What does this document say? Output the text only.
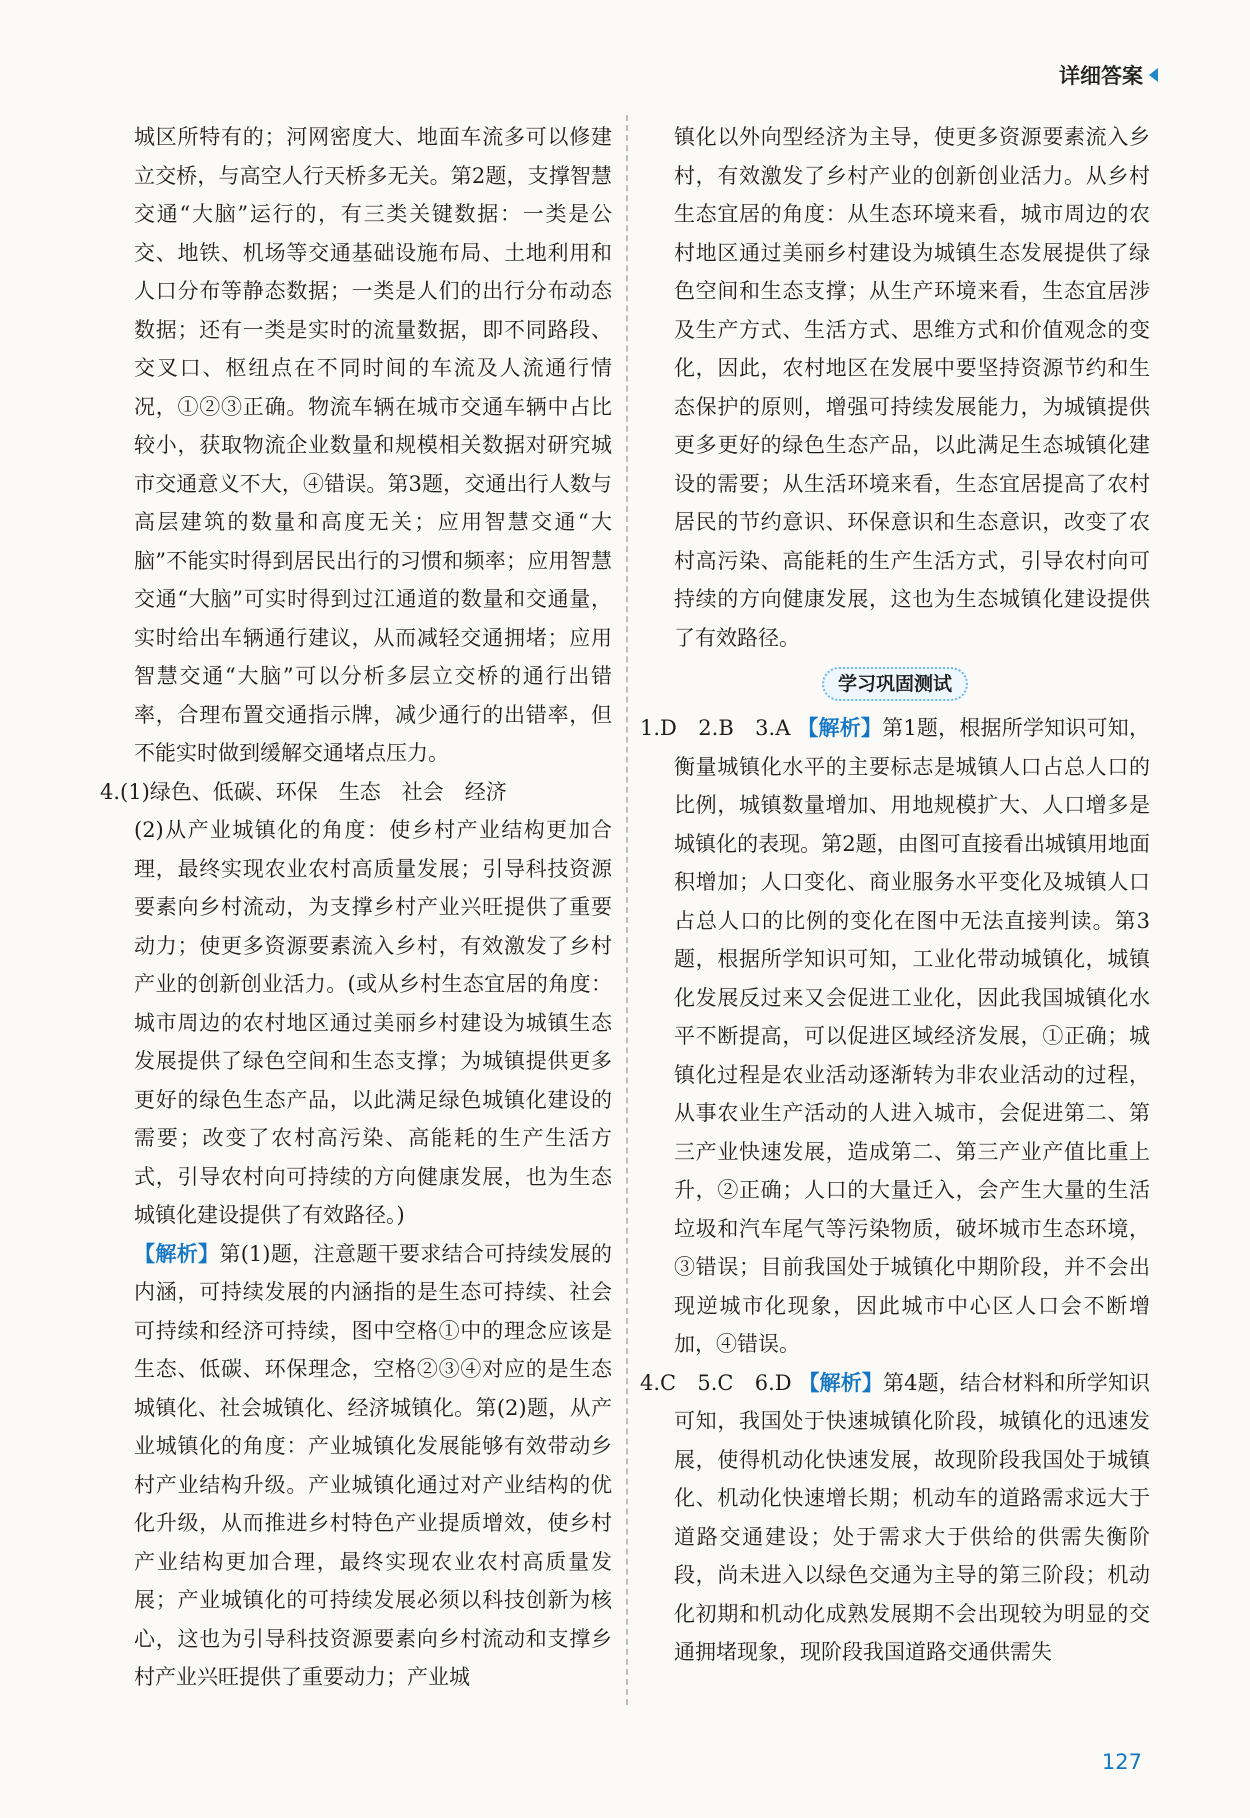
详细答案

城区所特有的；河网密度大、地面车流多可以修建立交桥，与高空人行天桥多无关。第2题，支撑智慧交通“大脑”运行的，有三类关键数据：一类是公交、地铁、机场等交通基础设施布局、土地利用和人口分布等静态数据；一类是人们的出行分布动态数据；还有一类是实时的流量数据，即不同路段、交叉口、枢纽点在不同时间的车流及人流通行情况，①②③正确。物流车辆在城市交通车辆中占比较小，获取物流企业数量和规模相关数据对研究城市交通意义不大，④错误。第3题，交通出行人数与高层建筑的数量和高度无关；应用智慧交通“大脑”不能实时得到居民出行的习惯和频率；应用智慧交通“大脑”可实时得到过江通道的数量和交通量，实时给出车辆通行建议，从而减轻交通拥堵；应用智慧交通“大脑”可以分析多层立交桥的通行出错率，合理布置交通指示牌，减少通行的出错率，但不能实时做到缓解交通堵点压力。

4.(1)绿色、低碳、环保　生态　社会　经济

(2)从产业城镇化的角度：使乡村产业结构更加合理，最终实现农业农村高质量发展；引导科技资源要素向乡村流动，为支撑乡村产业兴旺提供了重要动力；使更多资源要素流入乡村，有效激发了乡村产业的创新创业活力。(或从乡村生态宜居的角度：城市周边的农村地区通过美丽乡村建设为城镇生态发展提供了绿色空间和生态支撑；为城镇提供更多更好的绿色生态产品，以此满足绿色城镇化建设的需要；改变了农村高污染、高能耗的生产生活方式，引导农村向可持续的方向健康发展，也为生态城镇化建设提供了有效路径。)

【解析】第(1)题，注意题干要求结合可持续发展的内涵，可持续发展的内涵指的是生态可持续、社会可持续和经济可持续，图中空格①中的理念应该是生态、低碳、环保理念，空格②③④对应的是生态城镇化、社会城镇化、经济城镇化。第(2)题，从产业城镇化的角度：产业城镇化发展能够有效带动乡村产业结构升级。产业城镇化通过对产业结构的优化升级，从而推进乡村特色产业提质增效，使乡村产业结构更加合理，最终实现农业农村高质量发展；产业城镇化的可持续发展必须以科技创新为核心，这也为引导科技资源要素向乡村流动和支撑乡村产业兴旺提供了重要动力；产业城

镇化以外向型经济为主导，使更多资源要素流入乡村，有效激发了乡村产业的创新创业活力。从乡村生态宜居的角度：从生态环境来看，城市周边的农村地区通过美丽乡村建设为城镇生态发展提供了绿色空间和生态支撑；从生产环境来看，生态宜居涉及生产方式、生活方式、思维方式和价值观念的变化，因此，农村地区在发展中要坚持资源节约和生态保护的原则，增强可持续发展能力，为城镇提供更多更好的绿色生态产品，以此满足生态城镇化建设的需要；从生活环境来看，生态宜居提高了农村居民的节约意识、环保意识和生态意识，改变了农村高污染、高能耗的生产生活方式，引导农村向可持续的方向健康发展，这也为生态城镇化建设提供了有效路径。

学习巩固测试

1.D　2.B　3.A 【解析】第1题，根据所学知识可知，衡量城镇化水平的主要标志是城镇人口占总人口的比例，城镇数量增加、用地规模扩大、人口增多是城镇化的表现。第2题，由图可直接看出城镇用地面积增加；人口变化、商业服务水平变化及城镇人口占总人口的比例的变化在图中无法直接判读。第3题，根据所学知识可知，工业化带动城镇化，城镇化发展反过来又会促进工业化，因此我国城镇化水平不断提高，可以促进区域经济发展，①正确；城镇化过程是农业活动逐渐转为非农业活动的过程，从事农业生产活动的人进入城市，会促进第二、第三产业快速发展，造成第二、第三产业产值比重上升，②正确；人口的大量迁入，会产生大量的生活垃圾和汽车尾气等污染物质，破坏城市生态环境，③错误；目前我国处于城镇化中期阶段，并不会出现逆城市化现象，因此城市中心区人口会不断增加，④错误。

4.C　5.C　6.D 【解析】第4题，结合材料和所学知识可知，我国处于快速城镇化阶段，城镇化的迅速发展，使得机动化快速发展，故现阶段我国处于城镇化、机动化快速增长期；机动车的道路需求远大于道路交通建设；处于需求大于供给的供需失衡阶段，尚未进入以绿色交通为主导的第三阶段；机动化初期和机动化成熟发展期不会出现较为明显的交通拥堵现象，现阶段我国道路交通供需失

127
